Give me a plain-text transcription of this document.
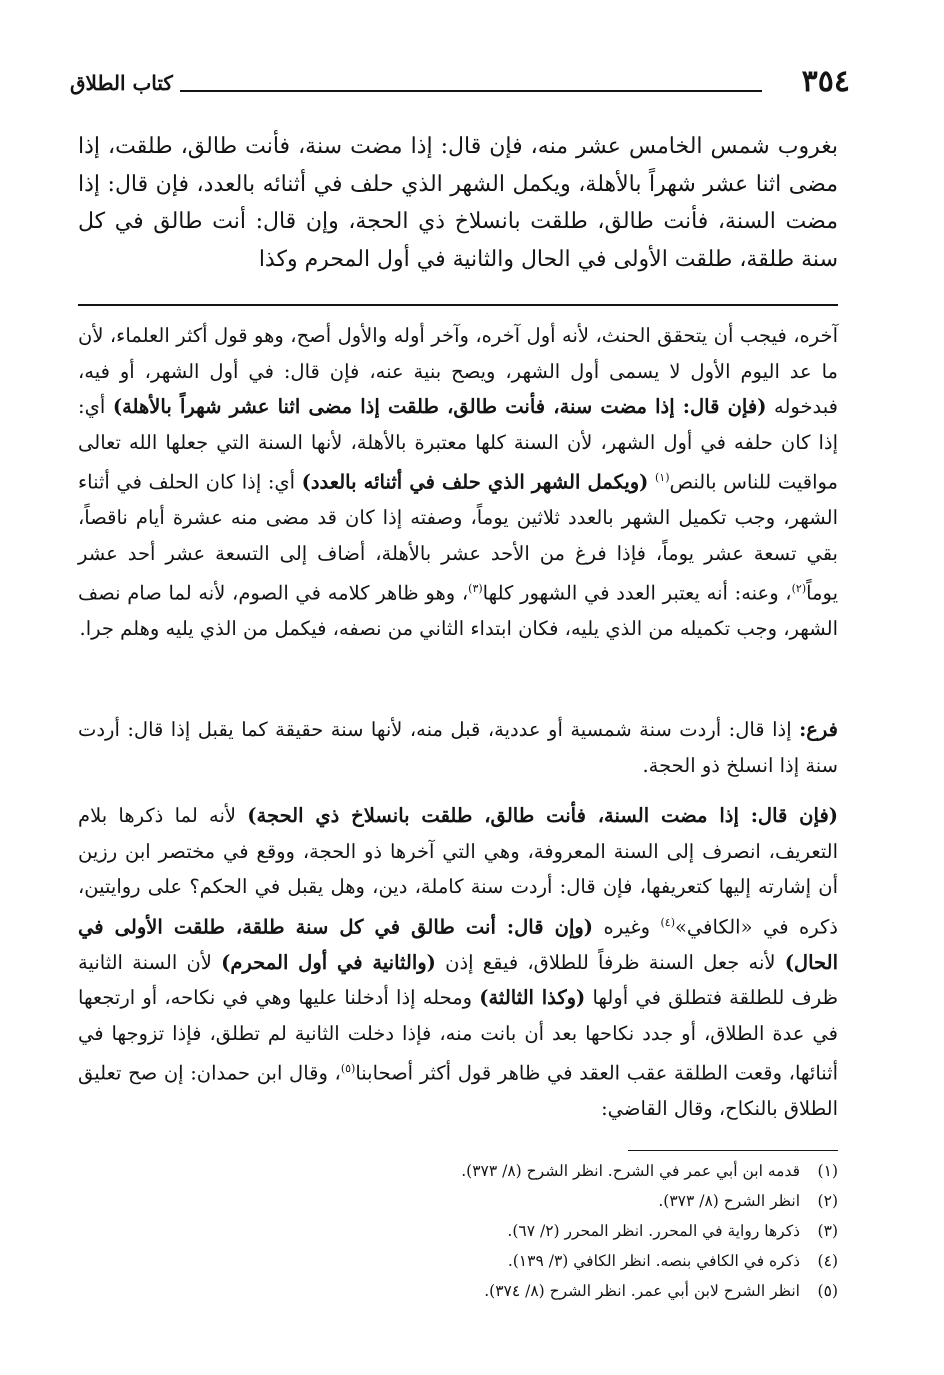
٣٥٤
كتاب الطلاق
بغروب شمس الخامس عشر منه، فإن قال: إذا مضت سنة، فأنت طالق، طلقت، إذا مضى اثنا عشر شهراً بالأهلة، ويكمل الشهر الذي حلف في أثنائه بالعدد، فإن قال: إذا مضت السنة، فأنت طالق، طلقت بانسلاخ ذي الحجة، وإن قال: أنت طالق في كل سنة طلقة، طلقت الأولى في الحال والثانية في أول المحرم وكذا

آخره، فيجب أن يتحقق الحنث، لأنه أول آخره، وآخر أوله والأول أصح، وهو قول أكثر العلماء، لأن ما عد اليوم الأول لا يسمى أول الشهر، ويصح بنية عنه، فإن قال: في أول الشهر، أو فيه، فبدخوله (فإن قال: إذا مضت سنة، فأنت طالق، طلقت إذا مضى اثنا عشر شهراً بالأهلة) أي: إذا كان حلفه في أول الشهر، لأن السنة كلها معتبرة بالأهلة، لأنها السنة التي جعلها الله تعالى مواقيت للناس بالنص$^{(١)}$ (ويكمل الشهر الذي حلف في أثنائه بالعدد) أي: إذا كان الحلف في أثناء الشهر، وجب تكميل الشهر بالعدد ثلاثين يوماً، وصفته إذا كان قد مضى منه عشرة أيام ناقصاً، بقي تسعة عشر يوماً، فإذا فرغ من الأحد عشر بالأهلة، أضاف إلى التسعة عشر أحد عشر يوماً$^{(٢)}$، وعنه: أنه يعتبر العدد في الشهور كلها$^{(٣)}$، وهو ظاهر كلامه في الصوم، لأنه لما صام نصف الشهر، وجب تكميله من الذي يليه، فكان ابتداء الثاني من نصفه، فيكمل من الذي يليه وهلم جرا.

فرع: إذا قال: أردت سنة شمسية أو عددية، قبل منه، لأنها سنة حقيقة كما يقبل إذا قال: أردت سنة إذا انسلخ ذو الحجة.

(فإن قال: إذا مضت السنة، فأنت طالق، طلقت بانسلاخ ذي الحجة) لأنه لما ذكرها بلام التعريف، انصرف إلى السنة المعروفة، وهي التي آخرها ذو الحجة، ووقع في مختصر ابن رزين أن إشارته إليها كتعريفها، فإن قال: أردت سنة كاملة، دين، وهل يقبل في الحكم؟ على روايتين، ذكره في «الكافي»$^{(٤)}$ وغيره (وإن قال: أنت طالق في كل سنة طلقة، طلقت الأولى في الحال) لأنه جعل السنة ظرفاً للطلاق، فيقع إذن (والثانية في أول المحرم) لأن السنة الثانية ظرف للطلقة فتطلق في أولها (وكذا الثالثة) ومحله إذا أدخلنا عليها وهي في نكاحه، أو ارتجعها في عدة الطلاق، أو جدد نكاحها بعد أن بانت منه، فإذا دخلت الثانية لم تطلق، فإذا تزوجها في أثنائها، وقعت الطلقة عقب العقد في ظاهر قول أكثر أصحابنا$^{(٥)}$، وقال ابن حمدان: إن صح تعليق الطلاق بالنكاح، وقال القاضي:

(١)قدمه ابن أبي عمر في الشرح. انظر الشرح (٨/ ٣٧٣).
(٢)انظر الشرح (٨/ ٣٧٣).
(٣)ذكرها رواية في المحرر. انظر المحرر (٢/ ٦٧).
(٤)ذكره في الكافي بنصه. انظر الكافي (٣/ ١٣٩).
(٥)انظر الشرح لابن أبي عمر. انظر الشرح (٨/ ٣٧٤).
